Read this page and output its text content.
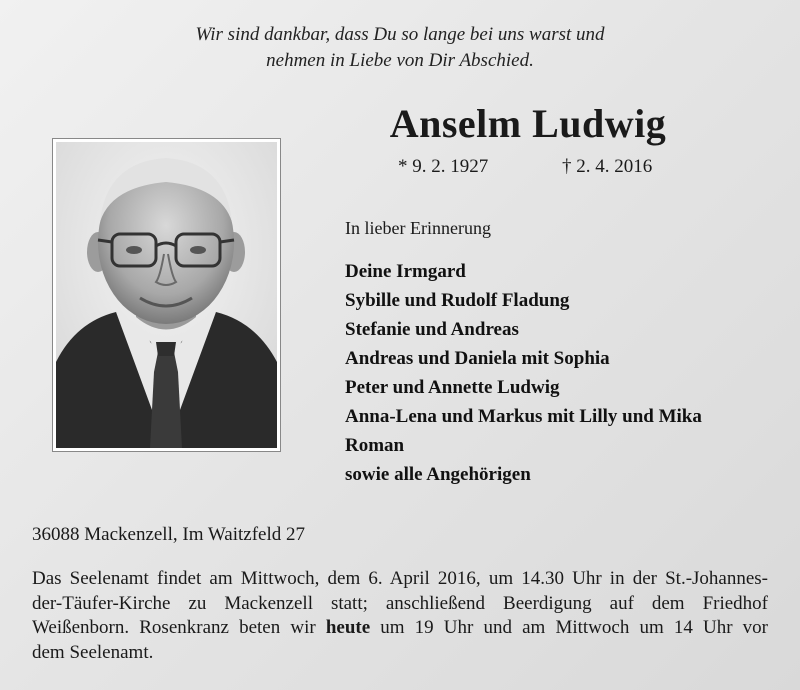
Wir sind dankbar, dass Du so lange bei uns warst und
nehmen in Liebe von Dir Abschied.
Anselm Ludwig
* 9. 2. 1927	† 2. 4. 2016
In lieber Erinnerung
Deine Irmgard
Sybille und Rudolf Fladung
Stefanie und Andreas
Andreas und Daniela mit Sophia
Peter und Annette Ludwig
Anna-Lena und Markus mit Lilly und Mika
Roman
sowie alle Angehörigen
36088 Mackenzell, Im Waitzfeld 27
Das Seelenamt findet am Mittwoch, dem 6. April 2016, um 14.30 Uhr in der St.-Johannes-
der-Täufer-Kirche zu Mackenzell statt; anschließend Beerdigung auf dem Friedhof
Weißenborn. Rosenkranz beten wir heute um 19 Uhr und am Mittwoch um 14 Uhr vor
dem Seelenamt.
